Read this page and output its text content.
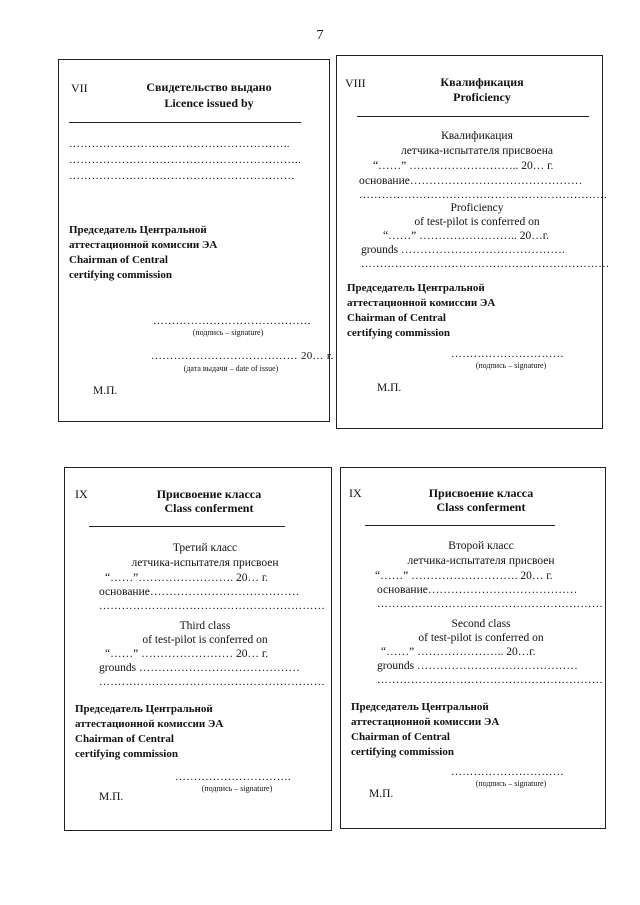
7
VII	Свидетельство выдано
Licence issued by
…………………………………………………..
……………………………………………………..
……………………………………………………
Председатель Центральной
аттестационной комиссии ЭА
Chairman of Central
certifying commission
……………………………………
(подпись – signature)
………………………………… 20… г.
(дата выдачи – date of issue)
М.П.
VIII	Квалификация
Proficiency
Квалификация
летчика-испытателя присвоена
“……” ……………………….. 20… г.
основание………………………………………
…………………………………………………………
Proficiency
of test-pilot is conferred on
“……” …………………….. 20…г.
grounds …………………………………….
…………………………………………………………
Председатель Центральной
аттестационной комиссии ЭА
Chairman of Central
certifying commission
…………………………
(подпись – signature)
М.П.
IX	Присвоение класса
Class conferment
Третий класс
летчика-испытателя присвоен
“……”……………………. 20… г.
основание…………………………………
……………………………………………………
Third class
of test-pilot is conferred on
“……” …………………… 20… г.
grounds ……………………………………
……………………………………………………
Председатель Центральной
аттестационной комиссии ЭА
Chairman of Central
certifying commission
………………………….
(подпись – signature)
М.П.
IX	Присвоение класса
Class conferment
Второй класс
летчика-испытателя присвоен
“……” ………………………. 20… г.
основание…………………………………
……………………………………………………
Second class
of test-pilot is conferred on
“……” ………………….. 20…г.
grounds ……………………………………
……………………………………………………
Председатель Центральной
аттестационной комиссии ЭА
Chairman of Central
certifying commission
…………………………
(подпись – signature)
М.П.
